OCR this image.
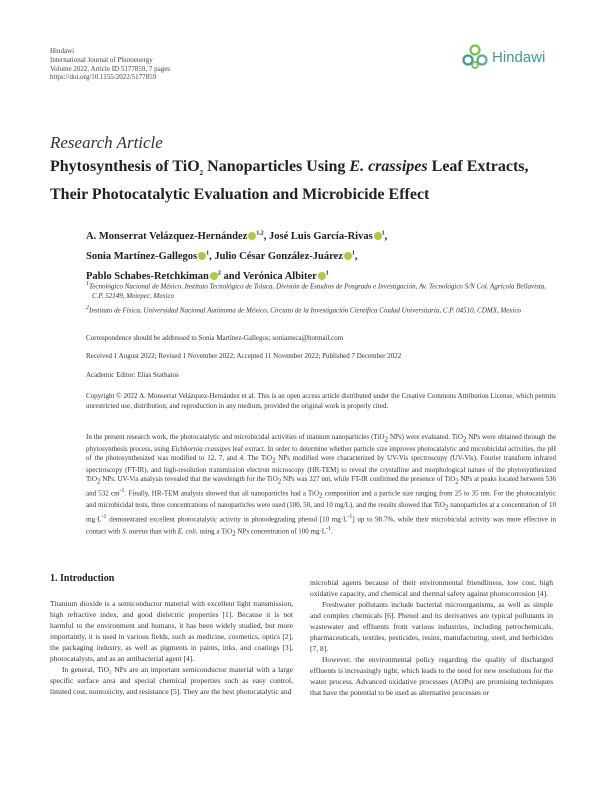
Hindawi
International Journal of Photoenergy
Volume 2022, Article ID 5177859, 7 pages
https://doi.org/10.1155/2022/5177859
Hindawi
Research Article
Phytosynthesis of TiO$_2$ Nanoparticles Using E. crassipes Leaf Extracts, Their Photocatalytic Evaluation and Microbicide Effect
A. Monserrat Velázquez-Hernández $^{1,2}$, José Luis García-Rivas $^1$,
Sonia Martínez-Gallegos $^1$, Julio César González-Juárez $^1$,
Pablo Schabes-Retchkiman $^2$ and Verónica Albiter $^1$

$^1$Tecnológico Nacional de México, Instituto Tecnológico de Toluca, División de Estudios de Posgrado e Investigación, Av. Tecnológico S/N Col. Agrícola Bellavista, C.P. 52149, Metepec, Mexico

$^2$Instituto de Física, Universidad Nacional Autónoma de México, Circuito de la Investigación Científica Ciudad Universitaria, C.P. 04510, CDMX, Mexico

Correspondence should be addressed to Sonia Martínez-Gallegos; soniazteca@hotmail.com
Received 1 August 2022; Revised 1 November 2022; Accepted 11 November 2022; Published 7 December 2022
Academic Editor: Elias Stathatos
Copyright © 2022 A. Monserrat Velázquez-Hernández et al. This is an open access article distributed under the Creative Commons Attribution License, which permits unrestricted use, distribution, and reproduction in any medium, provided the original work is properly cited.
In the present research work, the photocatalytic and microbicidal activities of titanium nanoparticles (TiO$_2$ NPs) were evaluated. TiO$_2$ NPs were obtained through the phytosynthesis process, using Eichhornia crassipes leaf extract. In order to determine whether particle size improves photocatalytic and microbicidal activities, the pH of the photosynthesized was modified to 12, 7, and 4. The TiO$_2$ NPs modified were characterized by UV-Vis spectroscopy (UV-Vis), Fourier transform infrared spectroscopy (FT-IR), and high-resolution transmission electron microscopy (HR-TEM) to reveal the crystalline and morphological nature of the phytosynthesized TiO$_2$ NPs. UV-Vis analysis revealed that the wavelength for the TiO$_2$ NPs was 327 nm, while FT-IR confirmed the presence of TiO$_2$ NPs at peaks located between 536 and 532 $cm^{-1}$. Finally, HR-TEM analysis showed that all nanoparticles had a TiO$_2$ composition and a particle size ranging from 25 to 35 nm. For the photocatalytic and microbicidal tests, three concentrations of nanoparticles were used (100, 50, and 10 mg/L), and the results showed that TiO$_2$ nanoparticles at a concentration of 10 $mg\cdot L^{-1}$ demonstrated excellent photocatalytic activity in photodegrading phenol [10 $mg\cdot L^{-1}$] up to 98.7%, while their microbicidal activity was more effective in contact with S. aureus than with E. coli, using a TiO$_2$ NPs concentration of 100 $mg\cdot L^{-1}$.
1. Introduction

Titanium dioxide is a semiconductor material with excellent light transmission, high refractive index, and good dielectric properties [1]. Because it is not harmful to the environment and humans, it has been widely studied, but more importantly, it is used in various fields, such as medicine, cosmetics, optics [2], the packaging industry, as well as pigments in paints, inks, and coatings [3], photocatalysts, and as an antibacterial agent [4].

In general, TiO₂ NPs are an important semiconductor material with a large specific surface area and special chemical properties such as easy control, limited cost, nontoxicity, and resistance [5]. They are the best photocatalytic and

microbial agents because of their environmental friendliness, low cost, high oxidative capacity, and chemical and thermal safety against photocorrosion [4].

Freshwater pollutants include bacterial microorganisms, as well as simple and complex chemicals [6]. Phenol and its derivatives are typical pollutants in wastewater and effluents from various industries, including petrochemicals, pharmaceuticals, textiles, pesticides, resins, manufacturing, steel, and herbicides [7, 8].

However, the environmental policy regarding the quality of discharged effluents is increasingly tight, which leads to the need for new resolutions for the water process. Advanced oxidative processes (AOPs) are promising techniques that have the potential to be used as alternative processes or
